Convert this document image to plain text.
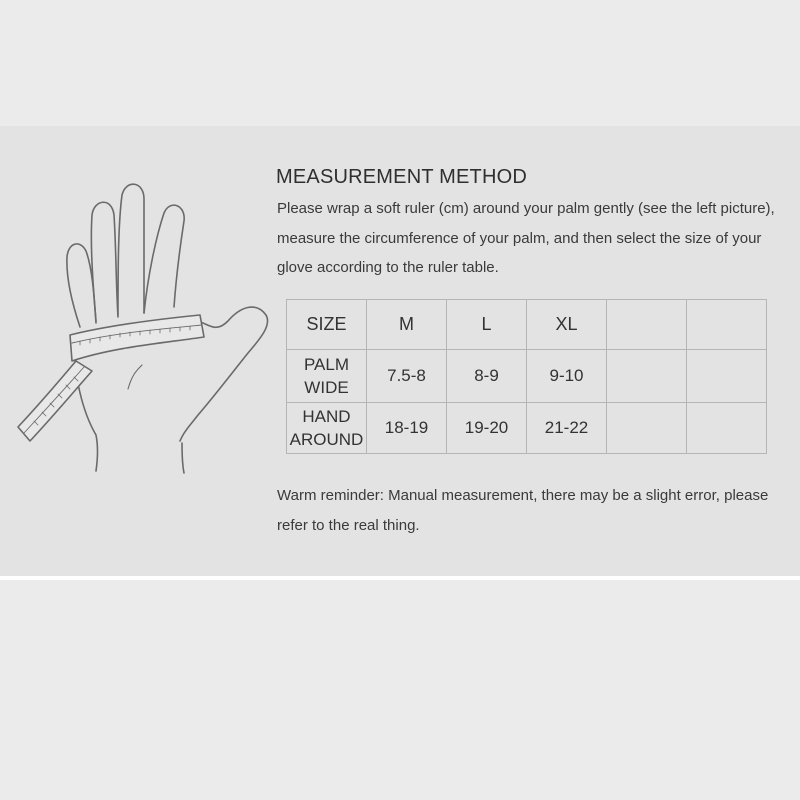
MEASUREMENT METHOD
Please wrap a soft ruler (cm) around your palm gently (see the left picture), measure the circumference of your palm, and then select the size of your glove according to the ruler table.
SIZE	M	L	XL		
PALM
WIDE	7.5-8	8-9	9-10		
HAND
AROUND	18-19	19-20	21-22		
Warm reminder: Manual measurement, there may be a slight error, please refer to the real thing.
